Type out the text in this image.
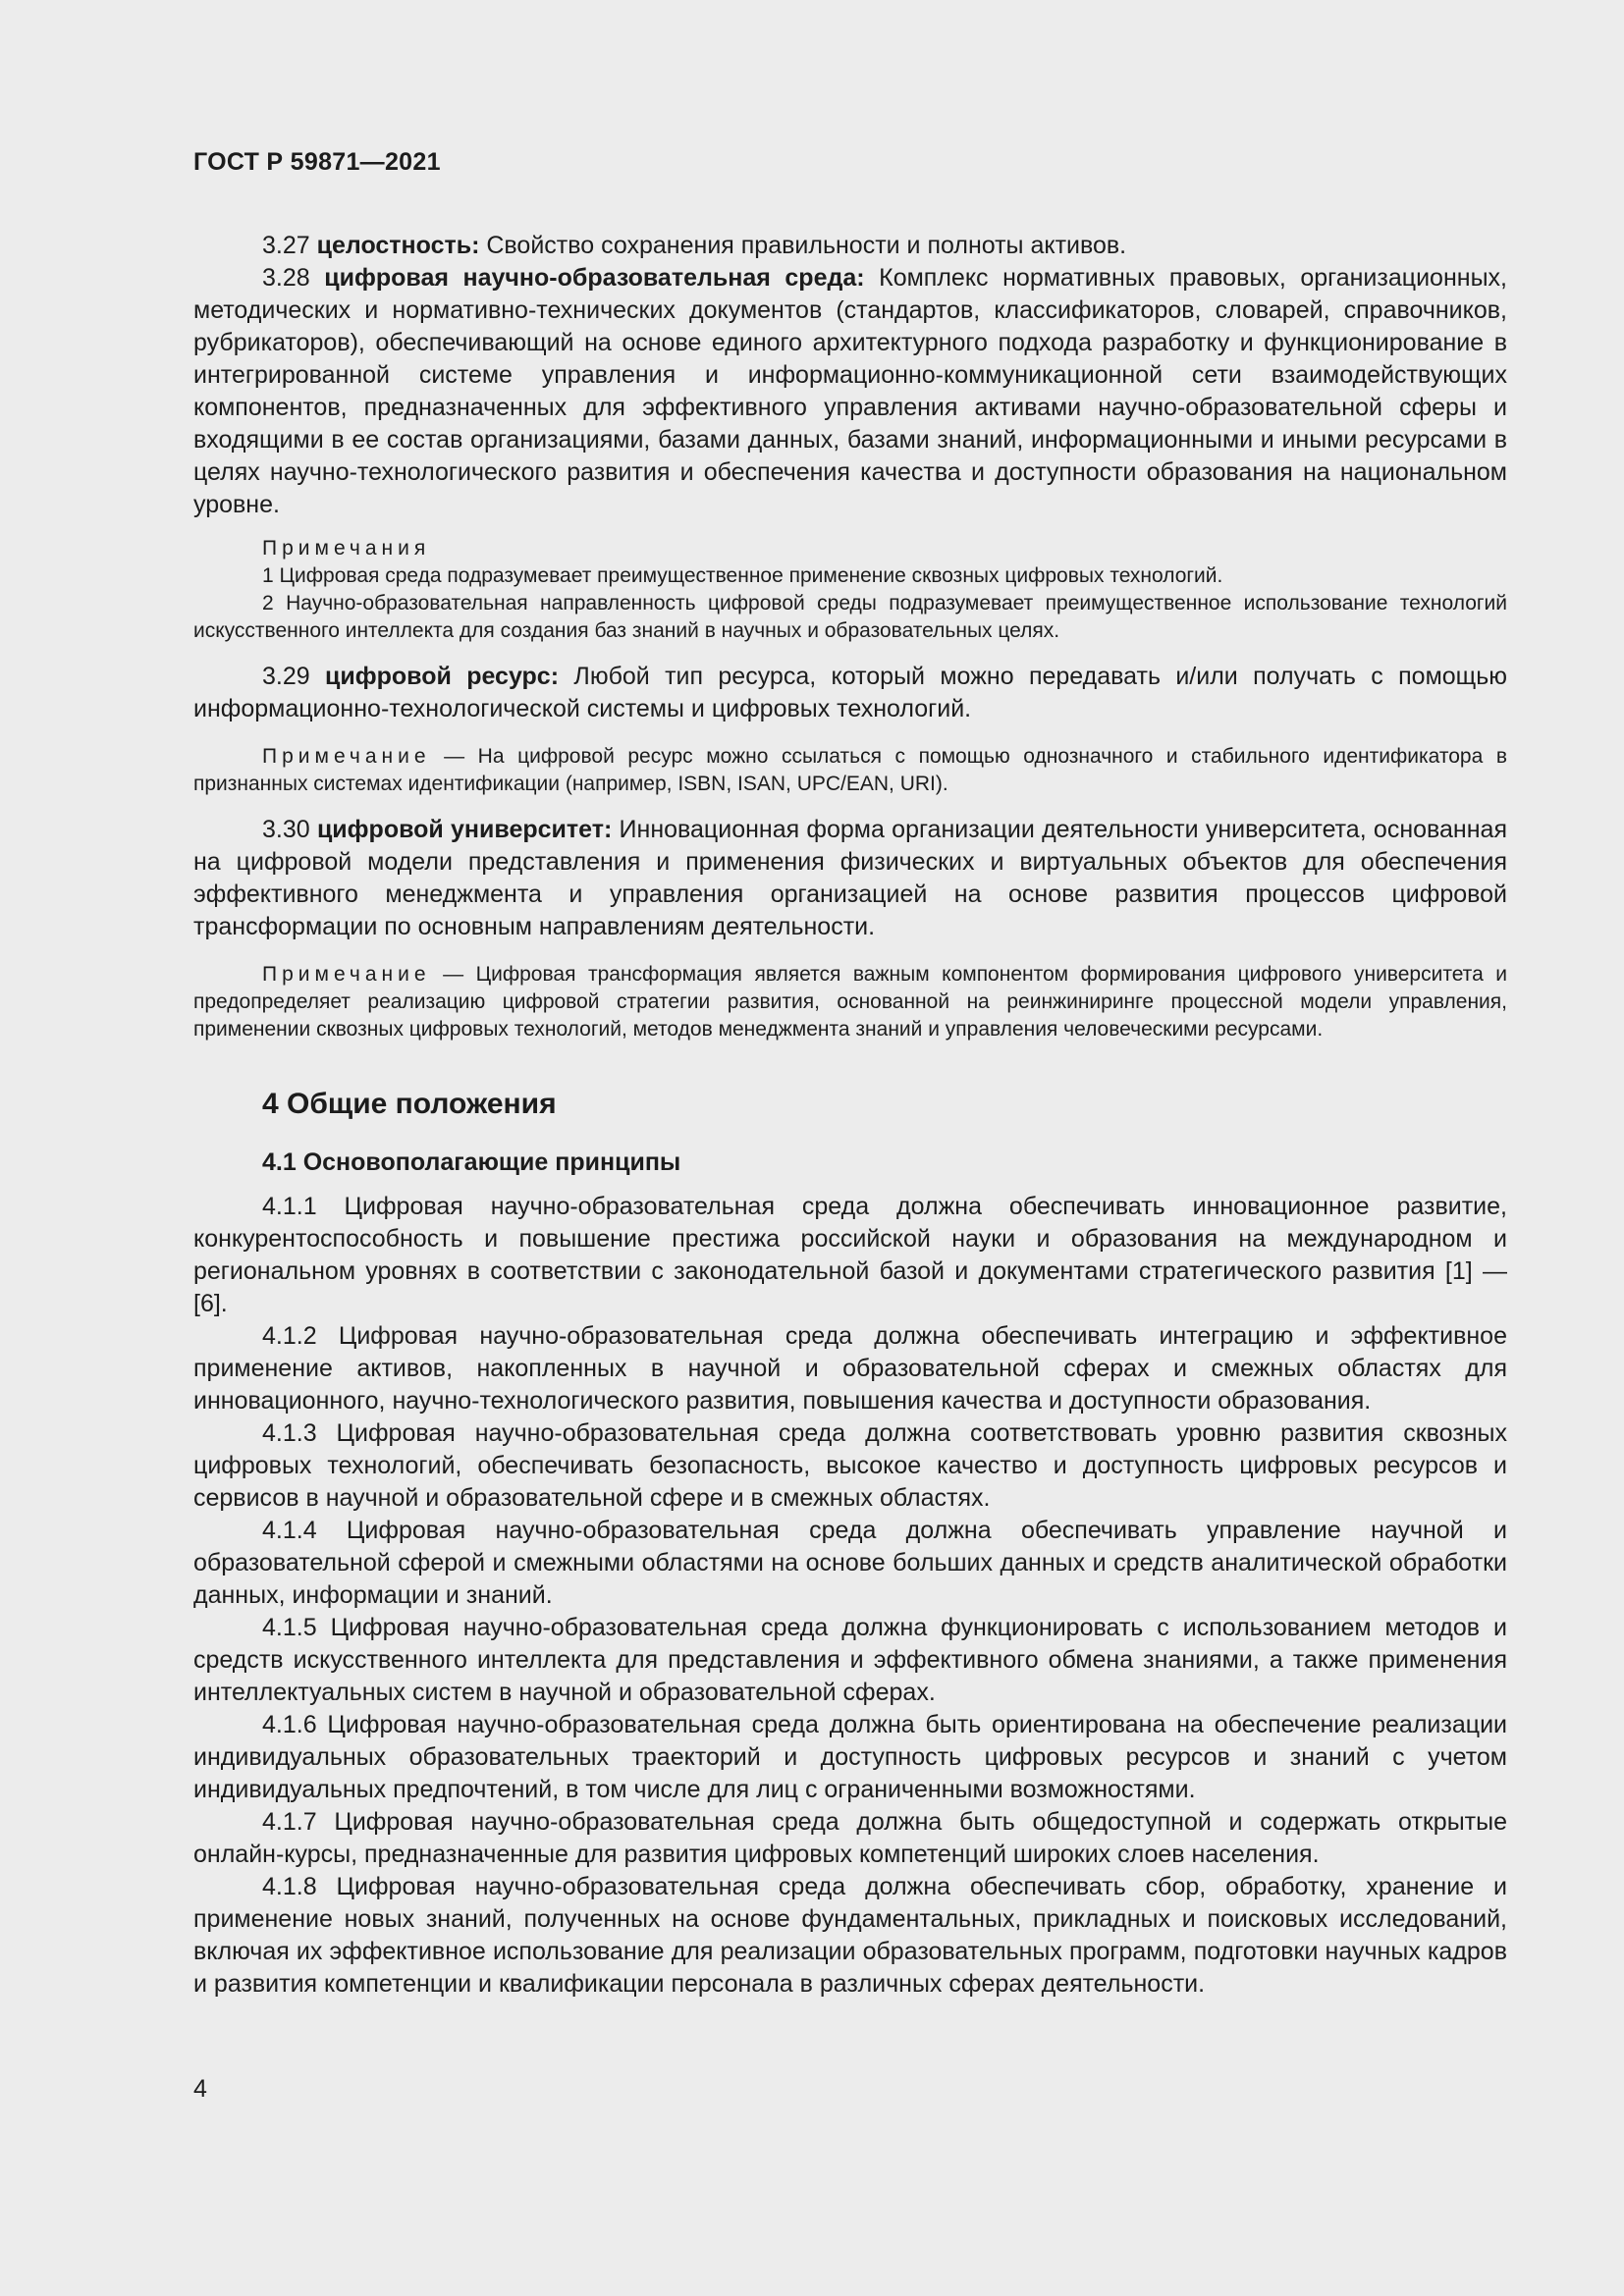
ГОСТ Р 59871—2021

3.27 целостность: Свойство сохранения правильности и полноты активов.

3.28 цифровая научно-образовательная среда: Комплекс нормативных правовых, организационных, методических и нормативно-технических документов (стандартов, классификаторов, словарей, справочников, рубрикаторов), обеспечивающий на основе единого архитектурного подхода разработку и функционирование в интегрированной системе управления и информационно-коммуникационной сети взаимодействующих компонентов, предназначенных для эффективного управления активами научно-образовательной сферы и входящими в ее состав организациями, базами данных, базами знаний, информационными и иными ресурсами в целях научно-технологического развития и обеспечения качества и доступности образования на национальном уровне.

Примечания

1 Цифровая среда подразумевает преимущественное применение сквозных цифровых технологий.

2 Научно-образовательная направленность цифровой среды подразумевает преимущественное использование технологий искусственного интеллекта для создания баз знаний в научных и образовательных целях.

3.29 цифровой ресурс: Любой тип ресурса, который можно передавать и/или получать с помощью информационно-технологической системы и цифровых технологий.

Примечание — На цифровой ресурс можно ссылаться с помощью однозначного и стабильного идентификатора в признанных системах идентификации (например, ISBN, ISAN, UPC/EAN, URI).

3.30 цифровой университет: Инновационная форма организации деятельности университета, основанная на цифровой модели представления и применения физических и виртуальных объектов для обеспечения эффективного менеджмента и управления организацией на основе развития процессов цифровой трансформации по основным направлениям деятельности.

Примечание — Цифровая трансформация является важным компонентом формирования цифрового университета и предопределяет реализацию цифровой стратегии развития, основанной на реинжиниринге процессной модели управления, применении сквозных цифровых технологий, методов менеджмента знаний и управления человеческими ресурсами.

4 Общие положения
4.1 Основополагающие принципы

4.1.1 Цифровая научно-образовательная среда должна обеспечивать инновационное развитие, конкурентоспособность и повышение престижа российской науки и образования на международном и региональном уровнях в соответствии с законодательной базой и документами стратегического развития [1] — [6].

4.1.2 Цифровая научно-образовательная среда должна обеспечивать интеграцию и эффективное применение активов, накопленных в научной и образовательной сферах и смежных областях для инновационного, научно-технологического развития, повышения качества и доступности образования.

4.1.3 Цифровая научно-образовательная среда должна соответствовать уровню развития сквозных цифровых технологий, обеспечивать безопасность, высокое качество и доступность цифровых ресурсов и сервисов в научной и образовательной сфере и в смежных областях.

4.1.4 Цифровая научно-образовательная среда должна обеспечивать управление научной и образовательной сферой и смежными областями на основе больших данных и средств аналитической обработки данных, информации и знаний.

4.1.5 Цифровая научно-образовательная среда должна функционировать с использованием методов и средств искусственного интеллекта для представления и эффективного обмена знаниями, а также применения интеллектуальных систем в научной и образовательной сферах.

4.1.6 Цифровая научно-образовательная среда должна быть ориентирована на обеспечение реализации индивидуальных образовательных траекторий и доступность цифровых ресурсов и знаний с учетом индивидуальных предпочтений, в том числе для лиц с ограниченными возможностями.

4.1.7 Цифровая научно-образовательная среда должна быть общедоступной и содержать открытые онлайн-курсы, предназначенные для развития цифровых компетенций широких слоев населения.

4.1.8 Цифровая научно-образовательная среда должна обеспечивать сбор, обработку, хранение и применение новых знаний, полученных на основе фундаментальных, прикладных и поисковых исследований, включая их эффективное использование для реализации образовательных программ, подготовки научных кадров и развития компетенции и квалификации персонала в различных сферах деятельности.

4
